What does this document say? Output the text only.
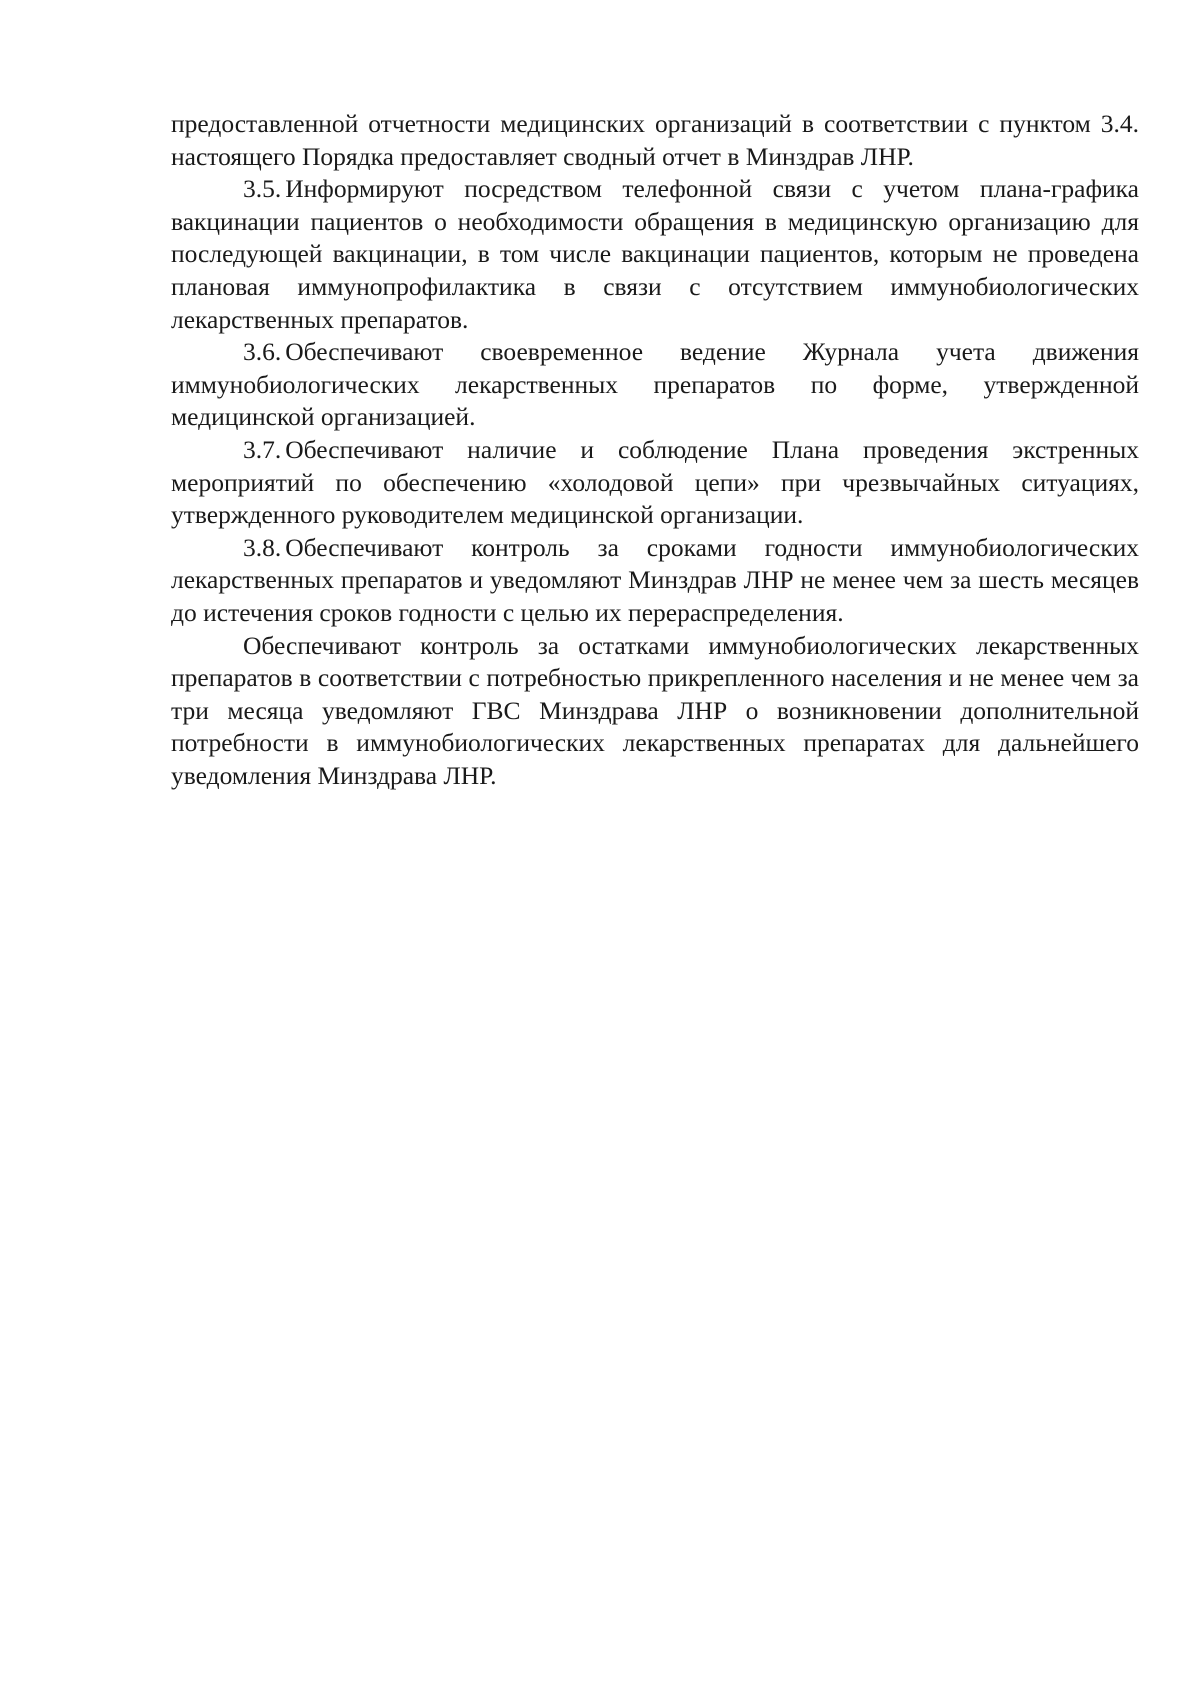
предоставленной отчетности медицинских организаций в соответствии с пунктом 3.4. настоящего Порядка предоставляет сводный отчет в Минздрав ЛНР.

3.5. Информируют посредством телефонной связи с учетом плана-графика вакцинации пациентов о необходимости обращения в медицинскую организацию для последующей вакцинации, в том числе вакцинации пациентов, которым не проведена плановая иммунопрофилактика в связи с отсутствием иммунобиологических лекарственных препаратов.

3.6. Обеспечивают своевременное ведение Журнала учета движения иммунобиологических лекарственных препаратов по форме, утвержденной медицинской организацией.

3.7. Обеспечивают наличие и соблюдение Плана проведения экстренных мероприятий по обеспечению «холодовой цепи» при чрезвычайных ситуациях, утвержденного руководителем медицинской организации.

3.8. Обеспечивают контроль за сроками годности иммунобиологических лекарственных препаратов и уведомляют Минздрав ЛНР не менее чем за шесть месяцев до истечения сроков годности с целью их перераспределения.

Обеспечивают контроль за остатками иммунобиологических лекарственных препаратов в соответствии с потребностью прикрепленного населения и не менее чем за три месяца уведомляют ГВС Минздрава ЛНР о возникновении дополнительной потребности в иммунобиологических лекарственных препаратах для дальнейшего уведомления Минздрава ЛНР.
